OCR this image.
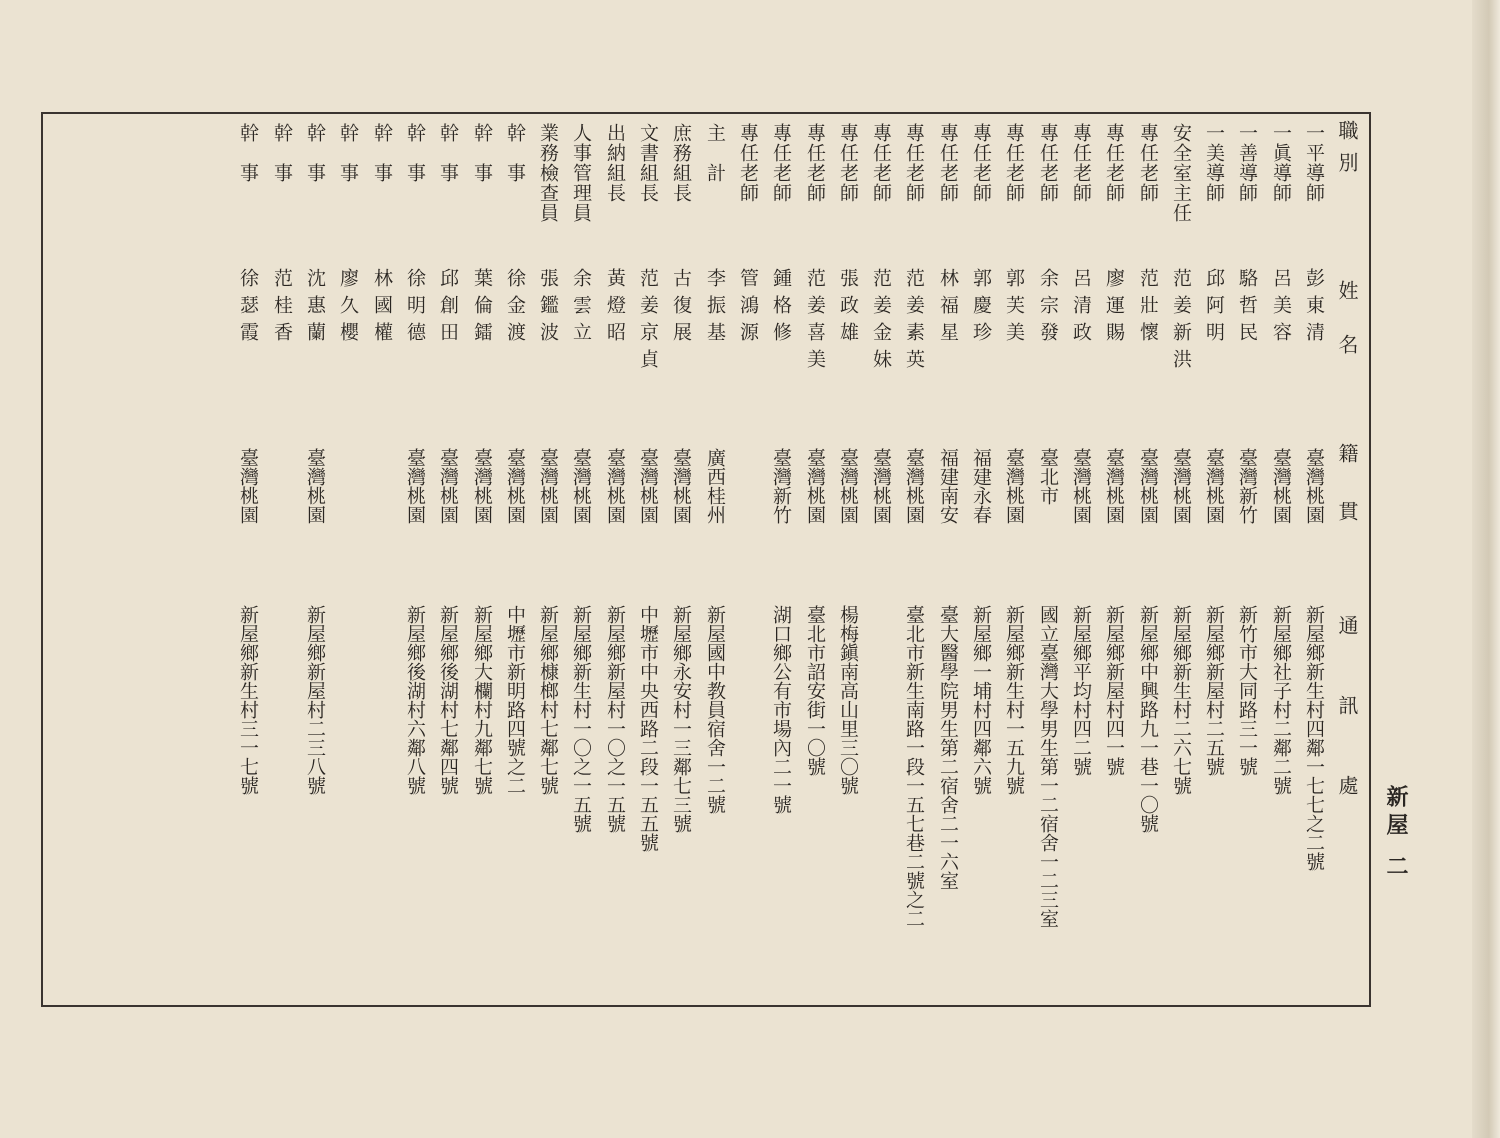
職別
姓名
籍貫
通訊處
一平導師
彭東清
臺灣桃園
新屋鄉新生村四鄰一七七之二號
一眞導師
呂美容
臺灣桃園
新屋鄉社子村二鄰二號
一善導師
駱哲民
臺灣新竹
新竹市大同路三一號
一美導師
邱阿明
臺灣桃園
新屋鄉新屋村二五號
安全室主任
范姜新洪
臺灣桃園
新屋鄉新生村二六七號
專任老師
范壯懷
臺灣桃園
新屋鄉中興路九一巷一〇號
專任老師
廖運賜
臺灣桃園
新屋鄉新屋村四一號
專任老師
呂清政
臺灣桃園
新屋鄉平均村四二號
專任老師
余宗發
臺北市
國立臺灣大學男生第一二宿舍一二三室
專任老師
郭芙美
臺灣桃園
新屋鄉新生村一五九號
專任老師
郭慶珍
福建永春
新屋鄉一埔村四鄰六號
專任老師
林福星
福建南安
臺大醫學院男生第二宿舍二一六室
專任老師
范姜素英
臺灣桃園
臺北市新生南路一段一五七巷二號之二
專任老師
范姜金妹
臺灣桃園
專任老師
張政雄
臺灣桃園
楊梅鎭南高山里三〇號
專任老師
范姜喜美
臺灣桃園
臺北市詔安街一〇號
專任老師
鍾格修
臺灣新竹
湖口鄉公有市場內二一號
專任老師
管鴻源
主　計
李振基
廣西桂州
新屋國中教員宿舍一二號
庶務組長
古復展
臺灣桃園
新屋鄉永安村一三鄰七三號
文書組長
范姜京貞
臺灣桃園
中壢市中央西路二段一五五號
出納組長
黃燈昭
臺灣桃園
新屋鄉新屋村一〇之一五號
人事管理員
余雲立
臺灣桃園
新屋鄉新生村一〇之一五號
業務檢查員
張鑑波
臺灣桃園
新屋鄉槺榔村七鄰七號
幹　事
徐金渡
臺灣桃園
中壢市新明路四號之二
幹　事
葉倫鐳
臺灣桃園
新屋鄉大欄村九鄰七號
幹　事
邱創田
臺灣桃園
新屋鄉後湖村七鄰四號
幹　事
徐明德
臺灣桃園
新屋鄉後湖村六鄰八號
幹　事
林國權
幹　事
廖久櫻
幹　事
沈惠蘭
臺灣桃園
新屋鄉新屋村二三八號
幹　事
范桂香
幹　事
徐瑟霞
臺灣桃園
新屋鄉新生村三一七號
新屋 二
